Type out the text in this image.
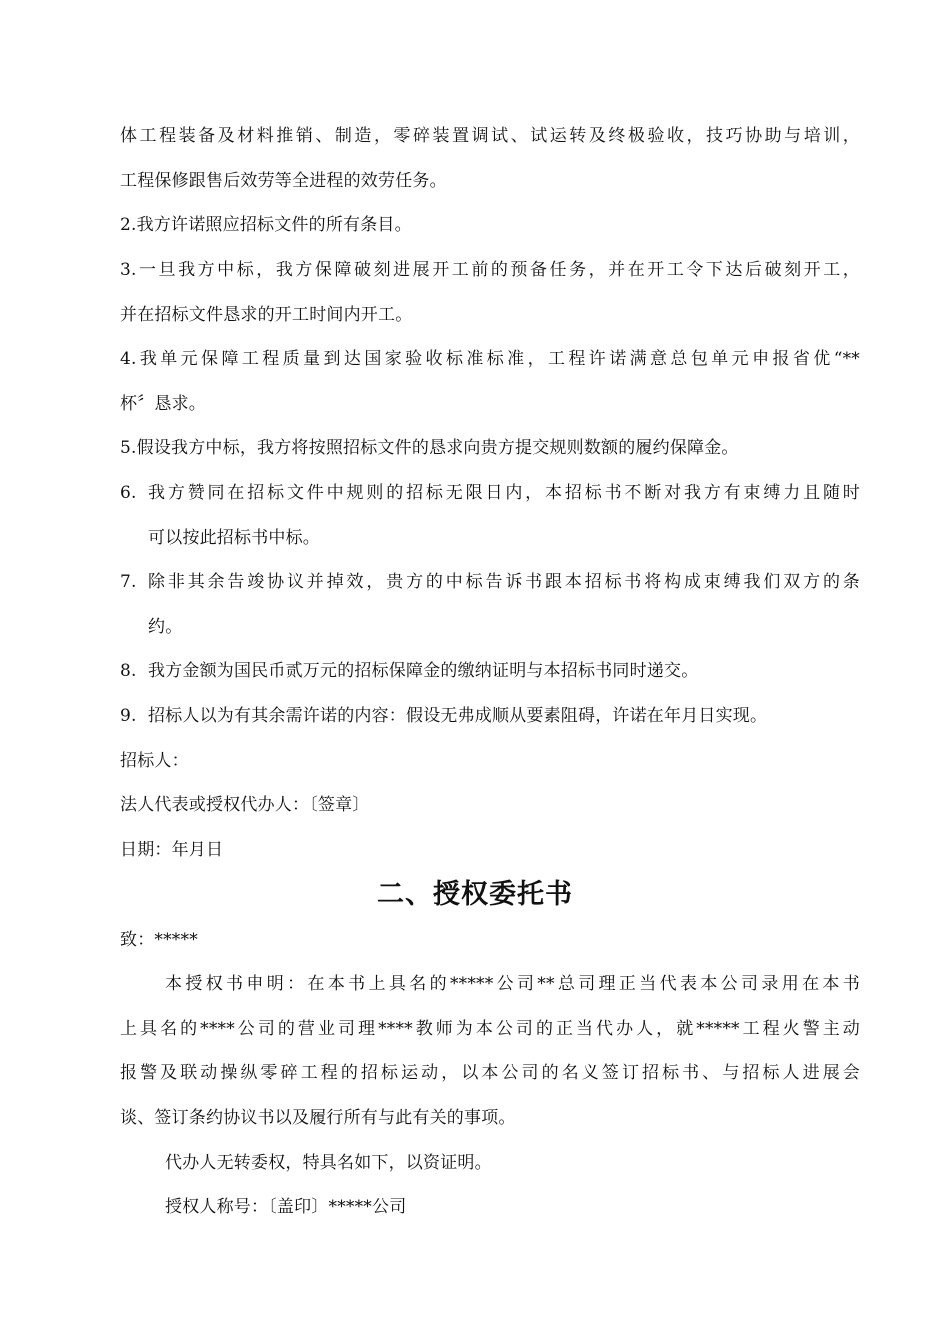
体工程装备及材料推销、制造，零碎装置调试、试运转及终极验收，技巧协助与培训，
工程保修跟售后效劳等全进程的效劳任务。
2.我方许诺照应招标文件的所有条目。
3.一旦我方中标，我方保障破刻进展开工前的预备任务，并在开工令下达后破刻开工，
并在招标文件恳求的开工时间内开工。
4.我单元保障工程质量到达国家验收标准标准，工程许诺满意总包单元申报省优“**
杯〞恳求。
5.假设我方中标，我方将按照招标文件的恳求向贵方提交规则数额的履约保障金。
6. 我方赞同在招标文件中规则的招标无限日内，本招标书不断对我方有束缚力且随时
可以按此招标书中标。
7. 除非其余告竣协议并掉效，贵方的中标告诉书跟本招标书将构成束缚我们双方的条
约。
8. 我方金额为国民币贰万元的招标保障金的缴纳证明与本招标书同时递交。
9. 招标人以为有其余需许诺的内容：假设无弗成顺从要素阻碍，许诺在年月日实现。
招标人：
法人代表或授权代办人：〔签章〕
日期：年月日
二、授权委托书
致：*****
本授权书申明：在本书上具名的*****公司**总司理正当代表本公司录用在本书
上具名的****公司的营业司理****教师为本公司的正当代办人，就*****工程火警主动
报警及联动操纵零碎工程的招标运动，以本公司的名义签订招标书、与招标人进展会
谈、签订条约协议书以及履行所有与此有关的事项。
代办人无转委权，特具名如下，以资证明。
授权人称号：〔盖印〕*****公司
